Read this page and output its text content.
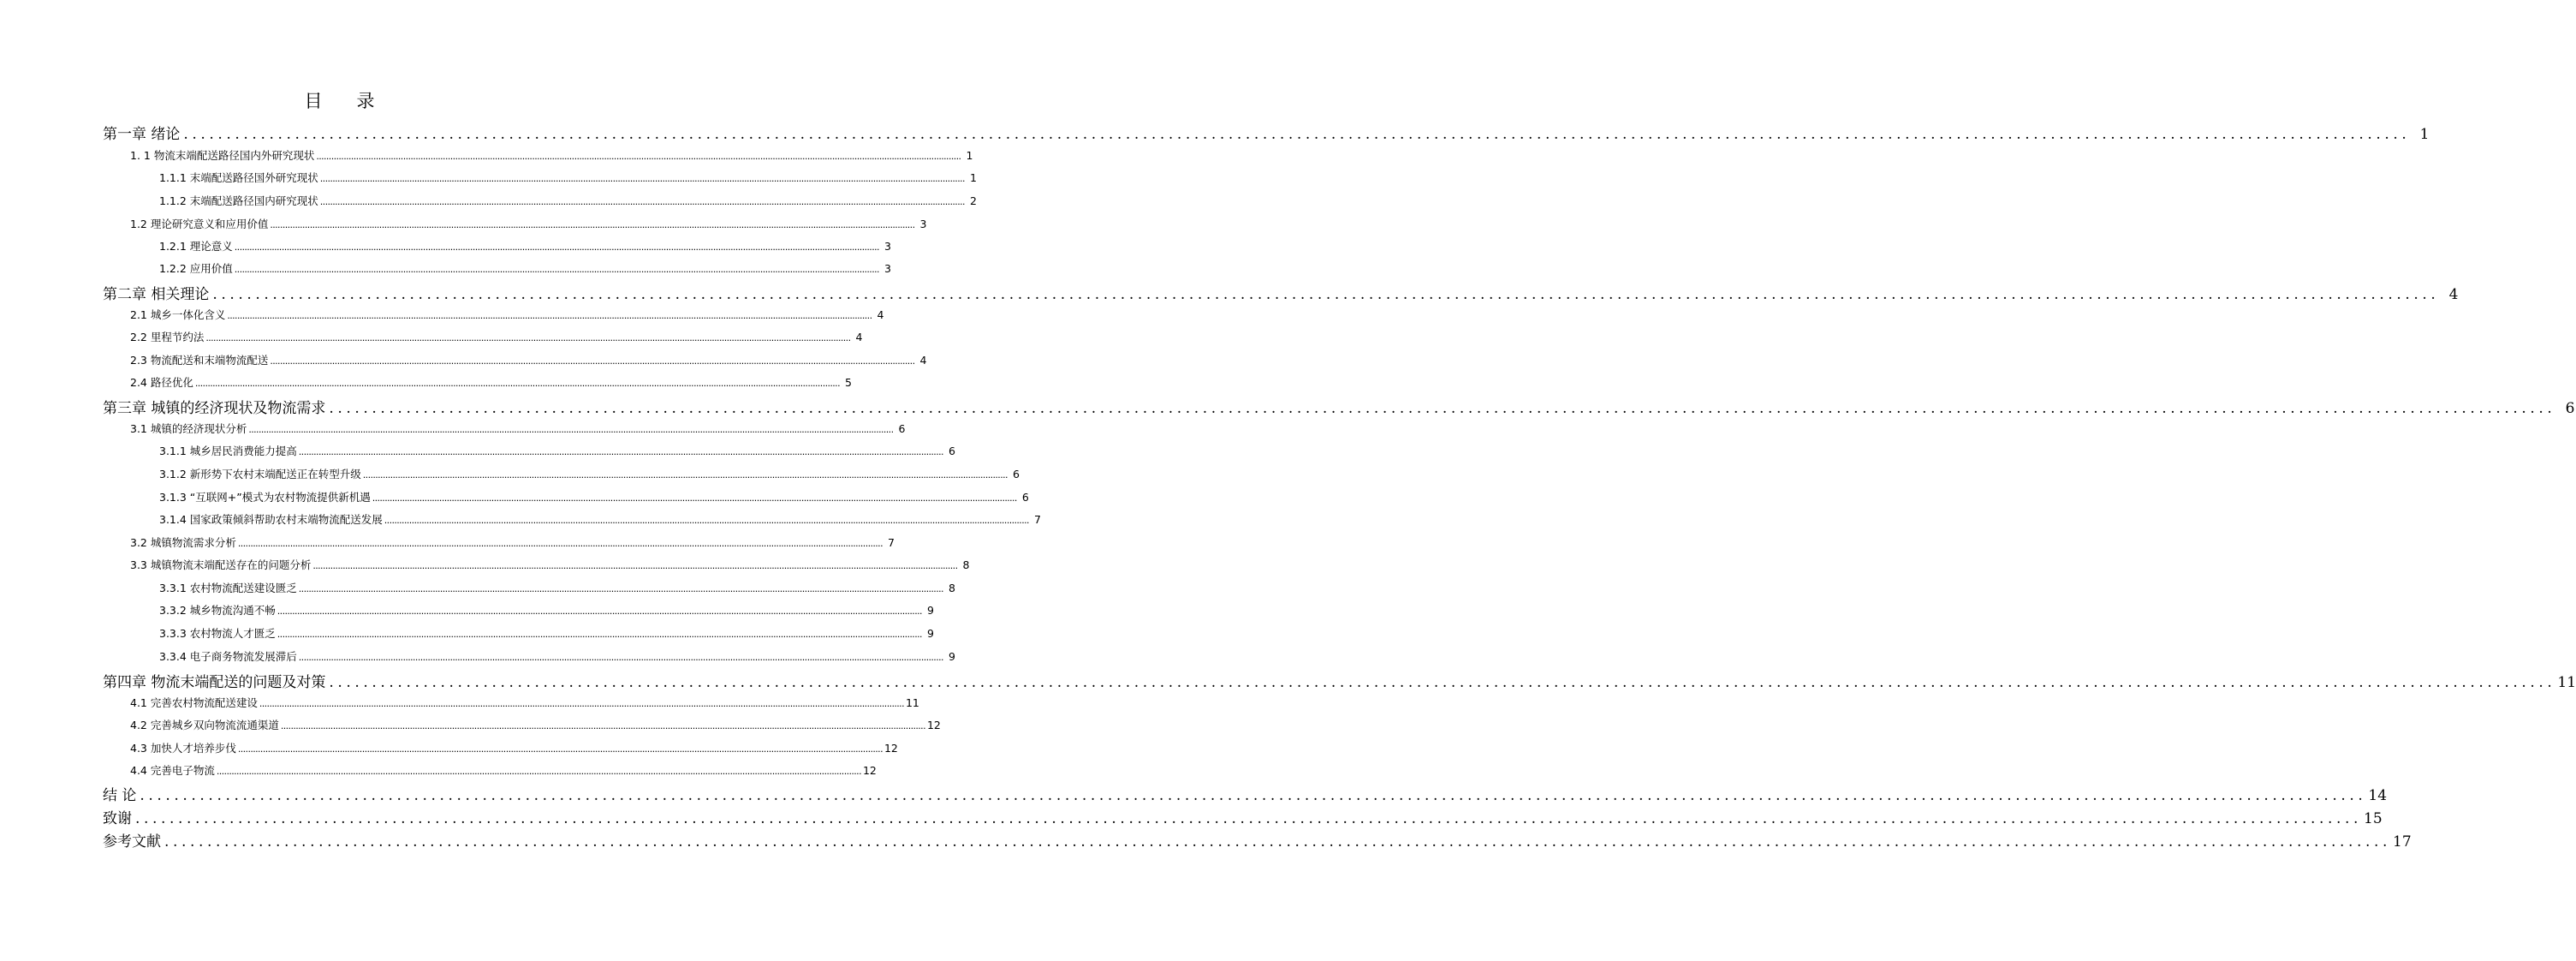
目      录
第一章 绪论 .................................................................................................................................................................................................................................................................... 1
1. 1 物流末端配送路径国内外研究现状 .................................................................................................................................................................................................................................................................... 1
1.1.1 末端配送路径国外研究现状 .................................................................................................................................................................................................................................................................... 1
1.1.2 末端配送路径国内研究现状 .................................................................................................................................................................................................................................................................... 2
1.2 理论研究意义和应用价值 .................................................................................................................................................................................................................................................................... 3
1.2.1 理论意义 .................................................................................................................................................................................................................................................................... 3
1.2.2 应用价值 .................................................................................................................................................................................................................................................................... 3
第二章 相关理论 .................................................................................................................................................................................................................................................................... 4
2.1 城乡一体化含义 .................................................................................................................................................................................................................................................................... 4
2.2 里程节约法 .................................................................................................................................................................................................................................................................... 4
2.3 物流配送和末端物流配送 .................................................................................................................................................................................................................................................................... 4
2.4 路径优化 .................................................................................................................................................................................................................................................................... 5
第三章 城镇的经济现状及物流需求 .................................................................................................................................................................................................................................................................... 6
3.1 城镇的经济现状分析 .................................................................................................................................................................................................................................................................... 6
3.1.1 城乡居民消费能力提高 .................................................................................................................................................................................................................................................................... 6
3.1.2 新形势下农村末端配送正在转型升级 .................................................................................................................................................................................................................................................................... 6
3.1.3 “互联网+”模式为农村物流提供新机遇 .................................................................................................................................................................................................................................................................... 6
3.1.4 国家政策倾斜帮助农村末端物流配送发展 .................................................................................................................................................................................................................................................................... 7
3.2 城镇物流需求分析 .................................................................................................................................................................................................................................................................... 7
3.3 城镇物流末端配送存在的问题分析 .................................................................................................................................................................................................................................................................... 8
3.3.1 农村物流配送建设匮乏 .................................................................................................................................................................................................................................................................... 8
3.3.2 城乡物流沟通不畅 .................................................................................................................................................................................................................................................................... 9
3.3.3 农村物流人才匮乏 .................................................................................................................................................................................................................................................................... 9
3.3.4 电子商务物流发展滞后 .................................................................................................................................................................................................................................................................... 9
第四章 物流末端配送的问题及对策 .................................................................................................................................................................................................................................................................... 11
4.1 完善农村物流配送建设 .................................................................................................................................................................................................................................................................... 11
4.2 完善城乡双向物流流通渠道 .................................................................................................................................................................................................................................................................... 12
4.3 加快人才培养步伐 .................................................................................................................................................................................................................................................................... 12
4.4 完善电子物流 .................................................................................................................................................................................................................................................................... 12
结 论 .................................................................................................................................................................................................................................................................... 14
致谢 .................................................................................................................................................................................................................................................................... 15
参考文献 .................................................................................................................................................................................................................................................................... 17
